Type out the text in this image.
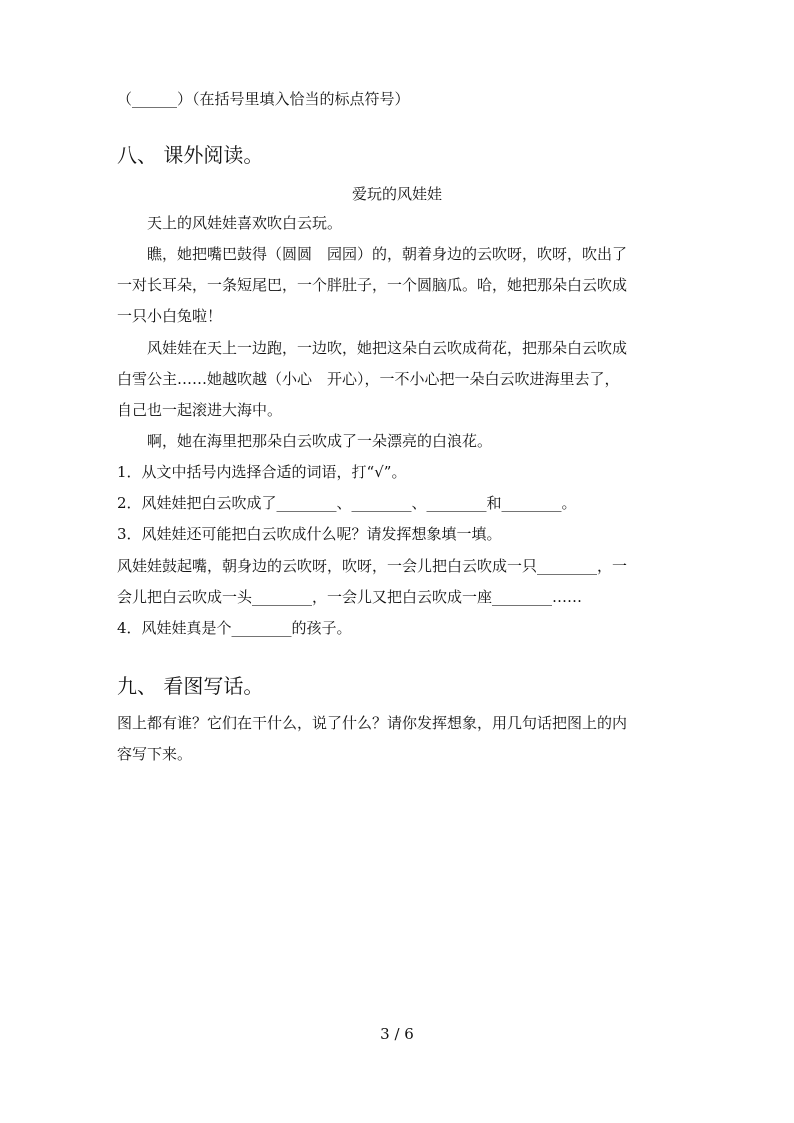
（______）（在括号里填入恰当的标点符号）
八、 课外阅读。
爱玩的风娃娃
　　天上的风娃娃喜欢吹白云玩。
　　瞧，她把嘴巴鼓得（圆圆　园园）的，朝着身边的云吹呀，吹呀，吹出了
一对长耳朵，一条短尾巴，一个胖肚子，一个圆脑瓜。哈，她把那朵白云吹成
一只小白兔啦！
　　风娃娃在天上一边跑，一边吹，她把这朵白云吹成荷花，把那朵白云吹成
白雪公主……她越吹越（小心　开心），一不小心把一朵白云吹进海里去了，
自己也一起滚进大海中。
　　啊，她在海里把那朵白云吹成了一朵漂亮的白浪花。
1．从文中括号内选择合适的词语，打“√”。
2．风娃娃把白云吹成了________、________、________和________。
3．风娃娃还可能把白云吹成什么呢？请发挥想象填一填。
风娃娃鼓起嘴，朝身边的云吹呀，吹呀，一会儿把白云吹成一只________，一
会儿把白云吹成一头________，一会儿又把白云吹成一座________……
4．风娃娃真是个________的孩子。
九、 看图写话。
图上都有谁？它们在干什么，说了什么？请你发挥想象，用几句话把图上的内
容写下来。
3 / 6
